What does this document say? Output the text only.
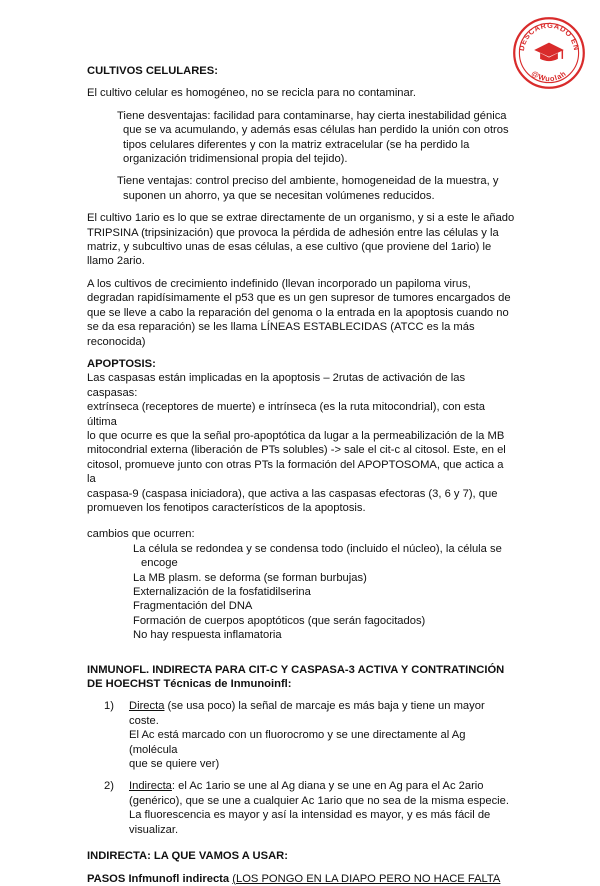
DESCARGADO EN
@Wuolah

CULTIVOS CELULARES:

El cultivo celular es homogéneo, no se recicla para no contaminar.

Tiene desventajas: facilidad para contaminarse, hay cierta inestabilidad génica

que se va acumulando, y además esas células han perdido la unión con otros

tipos celulares diferentes y con la matriz extracelular (se ha perdido la

organización tridimensional propia del tejido).

Tiene ventajas: control preciso del ambiente, homogeneidad de la muestra, y

suponen un ahorro, ya que se necesitan volúmenes reducidos.

El cultivo 1ario es lo que se extrae directamente de un organismo, y si a este le añado

TRIPSINA (tripsinización) que provoca la pérdida de adhesión entre las células y la

matriz, y subcultivo unas de esas células, a ese cultivo (que proviene del 1ario) le

llamo 2ario.

A los cultivos de crecimiento indefinido (llevan incorporado un papiloma virus,

degradan rapidísimamente el p53 que es un gen supresor de tumores encargados de

que se lleve a cabo la reparación del genoma o la entrada en la apoptosis cuando no

se da esa reparación) se les llama LÍNEAS ESTABLECIDAS (ATCC es la más

reconocida)

APOPTOSIS:

Las caspasas están implicadas en la apoptosis – 2rutas de activación de las caspasas:

extrínseca (receptores de muerte) e intrínseca (es la ruta mitocondrial), con esta última

lo que ocurre es que la señal pro-apoptótica da lugar a la permeabilización de la MB

mitocondrial externa (liberación de PTs solubles) -> sale el cit-c al citosol. Este, en el

citosol, promueve junto con otras PTs la formación del APOPTOSOMA, que actica a la

caspasa-9 (caspasa iniciadora), que activa a las caspasas efectoras (3, 6 y 7), que

promueven los fenotipos característicos de la apoptosis.

cambios que ocurren:

La célula se redondea y se condensa todo (incluido el núcleo), la célula se

encoge

La MB plasm. se deforma (se forman burbujas)

Externalización de la fosfatidilserina

Fragmentación del DNA

Formación de cuerpos apoptóticos (que serán fagocitados)

No hay respuesta inflamatoria

INMUNOFL. INDIRECTA PARA CIT-C Y CASPASA-3 ACTIVA Y CONTRATINCIÓN

DE HOECHST Técnicas de Inmunoinfl:

1)	Directa (se usa poco) la señal de marcaje es más baja y tiene un mayor coste.

El Ac está marcado con un fluorocromo y se une directamente al Ag (molécula

que se quiere ver)

2)	Indirecta: el Ac 1ario se une al Ag diana y se une en Ag para el Ac 2ario

(genérico), que se une a cualquier Ac 1ario que no sea de la misma especie.

La fluorescencia es mayor y así la intensidad es mayor, y es más fácil de

visualizar.

INDIRECTA: LA QUE VAMOS A USAR:

PASOS Infmunofl indirecta (LOS PONGO EN LA DIAPO PERO NO HACE FALTA
